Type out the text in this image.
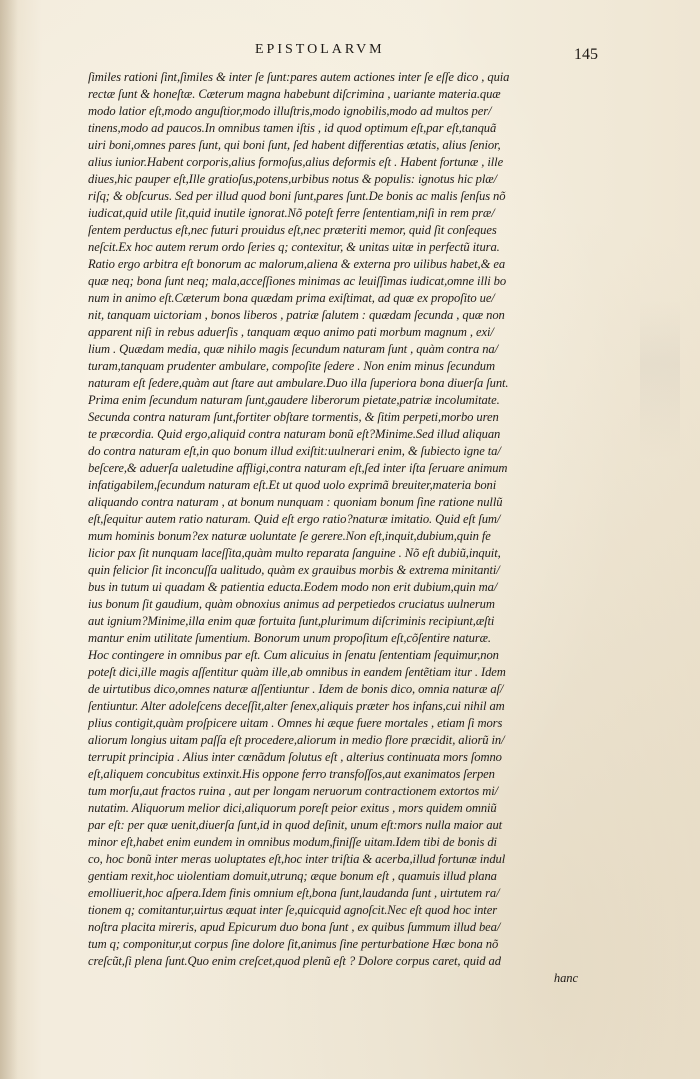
EPISTOLARVM	145
ſimiles rationi ſint,ſimiles & inter ſe ſunt:pares autem actiones inter ſe eſſe dico , quia
rectæ ſunt & honeſtæ. Cæterum magna habebunt diſcrimina , uariante materia.quæ
modo latior eſt,modo anguſtior,modo illuſtris,modo ignobilis,modo ad multos per/
tinens,modo ad paucos.In omnibus tamen iſtis , id quod optimum eſt,par eſt,tanquã
uiri boni,omnes pares ſunt, qui boni ſunt, ſed habent differentias ætatis, alius ſenior,
alius iunior.Habent corporis,alius formoſus,alius deformis eſt . Habent fortunæ , ille
diues,hic pauper eſt,Ille gratioſus,potens,urbibus notus & populis: ignotus hic plæ/
riſq; & obſcurus. Sed per illud quod boni ſunt,pares ſunt.De bonis ac malis ſenſus nõ
iudicat,quid utile ſit,quid inutile ignorat.Nõ poteſt ferre ſententiam,niſi in rem præ/
ſentem perductus eſt,nec futuri prouidus eſt,nec præteriti memor, quid ſit conſeques
neſcit.Ex hoc autem rerum ordo ſeries q; contexitur, & unitas uitæ in perfectũ itura.
Ratio ergo arbitra eſt bonorum ac malorum,aliena & externa pro uilibus habet,& ea
quæ neq; bona ſunt neq; mala,acceſſiones minimas ac leuiſſimas iudicat,omne illi bo
num in animo eſt.Cæterum bona quædam prima exiſtimat, ad quæ ex propoſito ue/
nit, tanquam uictoriam , bonos liberos , patriæ ſalutem : quædam ſecunda , quæ non
apparent niſi in rebus aduerſis , tanquam æquo animo pati morbum magnum , exi/
lium . Quædam media, quæ nihilo magis ſecundum naturam ſunt , quàm contra na/
turam,tanquam prudenter ambulare, compoſite ſedere . Non enim minus ſecundum
naturam eſt ſedere,quàm aut ſtare aut ambulare.Duo illa ſuperiora bona diuerſa ſunt.
Prima enim ſecundum naturam ſunt,gaudere liberorum pietate,patriæ incolumitate.
Secunda contra naturam ſunt,fortiter obſtare tormentis, & ſitim perpeti,morbo uren
te præcordia. Quid ergo,aliquid contra naturam bonũ eſt?Minime.Sed illud aliquan
do contra naturam eſt,in quo bonum illud exiſtit:uulnerari enim, & ſubiecto igne ta/
beſcere,& aduerſa ualetudine affligi,contra naturam eſt,ſed inter iſta ſeruare animum
infatigabilem,ſecundum naturam eſt.Et ut quod uolo exprimã breuiter,materia boni
aliquando contra naturam , at bonum nunquam : quoniam bonum ſine ratione nullũ
eſt,ſequitur autem ratio naturam. Quid eſt ergo ratio?naturæ imitatio. Quid eſt ſum/
mum hominis bonum?ex naturæ uoluntate ſe gerere.Non eſt,inquit,dubium,quin fe
licior pax ſit nunquam laceſſita,quàm multo reparata ſanguine . Nõ eſt dubiũ,inquit,
quin felicior ſit inconcuſſa ualitudo, quàm ex grauibus morbis & extrema minitanti/
bus in tutum ui quadam & patientia educta.Eodem modo non erit dubium,quin ma/
ius bonum ſit gaudium, quàm obnoxius animus ad perpetiedos cruciatus uulnerum
aut ignium?Minime,illa enim quæ fortuita ſunt,plurimum diſcriminis recipiunt,æſti
mantur enim utilitate ſumentium. Bonorum unum propoſitum eſt,cõſentire naturæ.
Hoc contingere in omnibus par eſt. Cum alicuius in ſenatu ſententiam ſequimur,non
poteſt dici,ille magis aſſentitur quàm ille,ab omnibus in eandem ſentẽtiam itur . Idem
de uirtutibus dico,omnes naturæ aſſentiuntur . Idem de bonis dico, omnia naturæ aſ/
ſentiuntur. Alter adoleſcens deceſſit,alter ſenex,aliquis præter hos infans,cui nihil am
plius contigit,quàm proſpicere uitam . Omnes hi æque fuere mortales , etiam ſi mors
aliorum longius uitam paſſa eſt procedere,aliorum in medio flore præcidit, aliorũ in/
terrupit principia . Alius inter cœnãdum ſolutus eſt , alterius continuata mors ſomno
eſt,aliquem concubitus extinxit.His oppone ferro transfoſſos,aut exanimatos ſerpen
tum morſu,aut fractos ruina , aut per longam neruorum contractionem extortos mi/
nutatim. Aliquorum melior dici,aliquorum poreſt peior exitus , mors quidem omniũ
par eſt: per quæ uenit,diuerſa ſunt,id in quod deſinit, unum eſt:mors nulla maior aut
minor eſt,habet enim eundem in omnibus modum,finiſſe uitam.Idem tibi de bonis di
co, hoc bonũ inter meras uoluptates eſt,hoc inter triſtia & acerba,illud fortunæ indul
gentiam rexit,hoc uiolentiam domuit,utrunq; æque bonum eſt , quamuis illud plana
emolliuerit,hoc aſpera.Idem finis omnium eſt,bona ſunt,laudanda ſunt , uirtutem ra/
tionem q; comitantur,uirtus æquat inter ſe,quicquid agnoſcit.Nec eſt quod hoc inter
noſtra placita mireris, apud Epicurum duo bona ſunt , ex quibus ſummum illud bea/
tum q; componitur,ut corpus ſine dolore ſit,animus ſine perturbatione Hæc bona nõ
creſcũt,ſi plena ſunt.Quo enim creſcet,quod plenũ eſt ? Dolore corpus caret, quid ad
hanc
